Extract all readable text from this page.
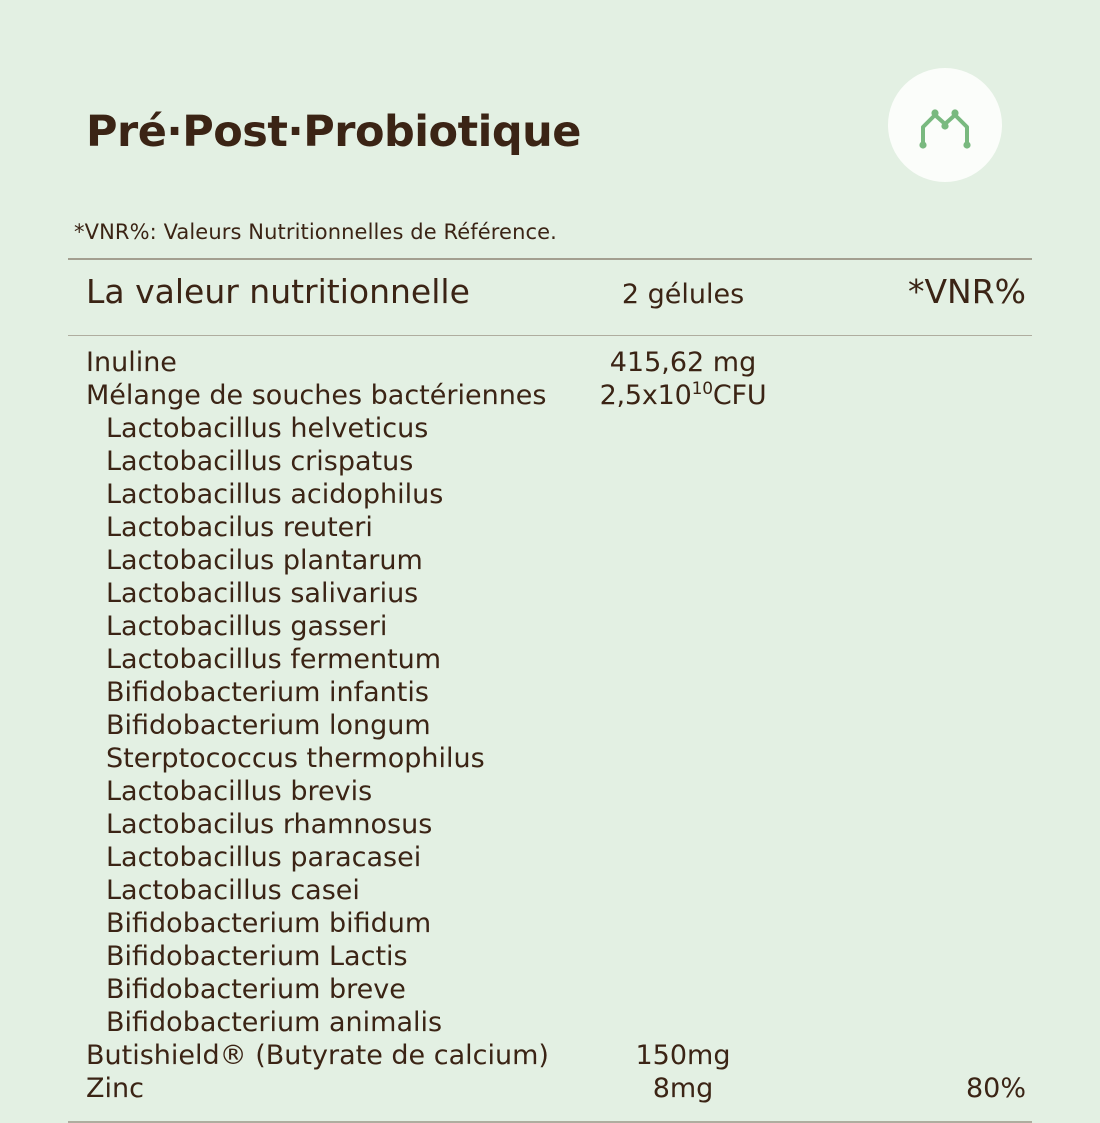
Pré·Post·Probiotique
*VNR%: Valeurs Nutritionnelles de Référence.
La valeur nutritionnelle	2 gélules	*VNR%
Inuline	415,62 mg
Mélange de souches bactériennes	$2,5x10^{10}CFU$
Lactobacillus helveticus
Lactobacillus crispatus
Lactobacillus acidophilus
Lactobacilus reuteri
Lactobacilus plantarum
Lactobacillus salivarius
Lactobacillus gasseri
Lactobacillus fermentum
Bifidobacterium infantis
Bifidobacterium longum
Sterptococcus thermophilus
Lactobacillus brevis
Lactobacilus rhamnosus
Lactobacillus paracasei
Lactobacillus casei
Bifidobacterium bifidum
Bifidobacterium Lactis
Bifidobacterium breve
Bifidobacterium animalis
Butishield® (Butyrate de calcium)	150mg
Zinc	8mg	80%
